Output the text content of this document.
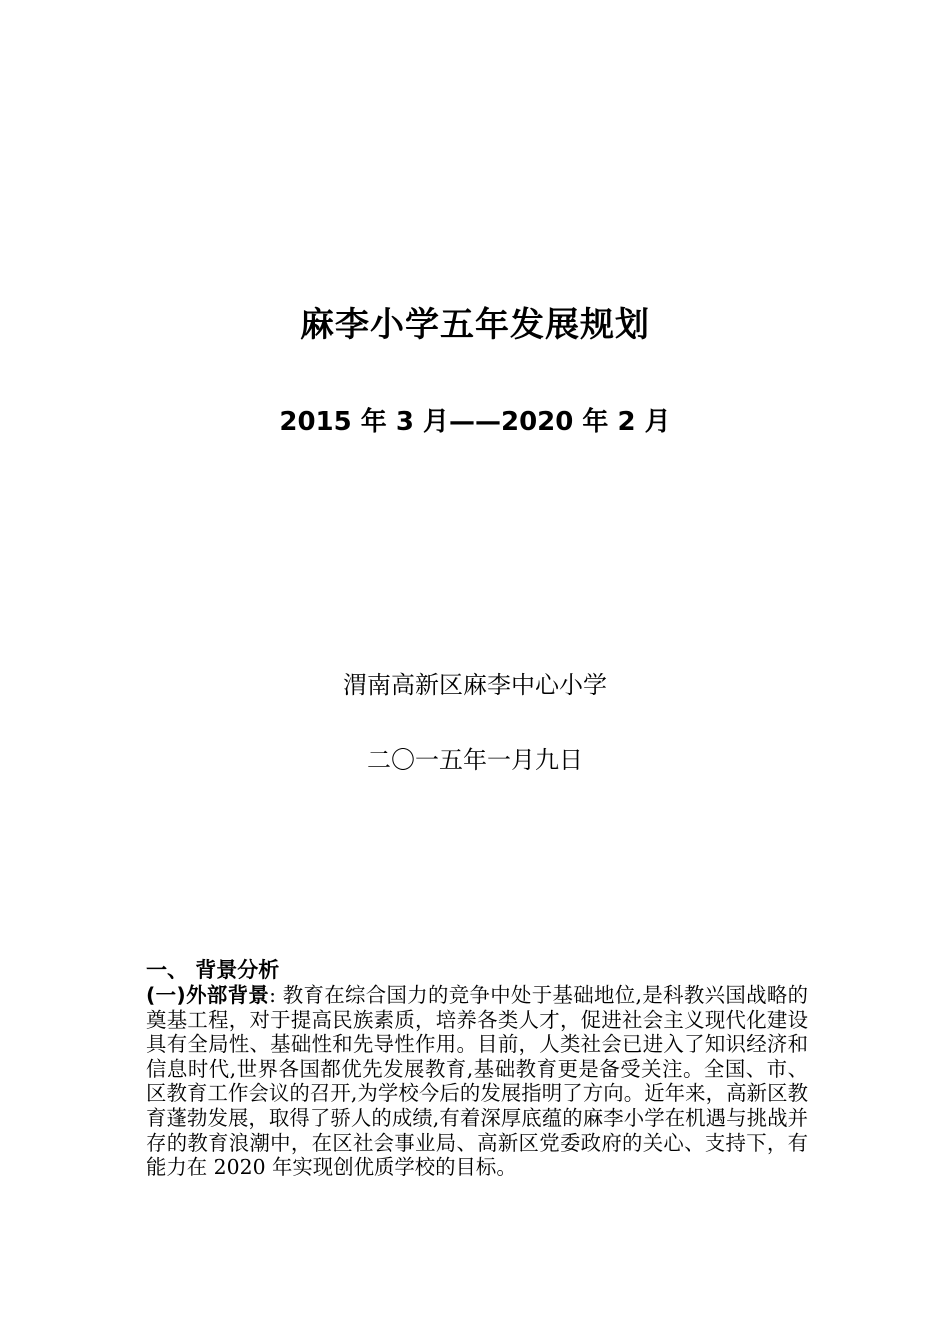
麻李小学五年发展规划
2015 年 3 月——2020 年 2 月
渭南高新区麻李中心小学
二〇一五年一月九日

一、 背景分析

(一)外部背景: 教育在综合国力的竞争中处于基础地位,是科教兴国战略的奠基工程，对于提高民族素质，培养各类人才，促进社会主义现代化建设具有全局性、基础性和先导性作用。目前，人类社会已进入了知识经济和信息时代,世界各国都优先发展教育,基础教育更是备受关注。全国、市、区教育工作会议的召开,为学校今后的发展指明了方向。近年来，高新区教育蓬勃发展，取得了骄人的成绩,有着深厚底蕴的麻李小学在机遇与挑战并存的教育浪潮中，在区社会事业局、高新区党委政府的关心、支持下，有能力在 2020 年实现创优质学校的目标。
